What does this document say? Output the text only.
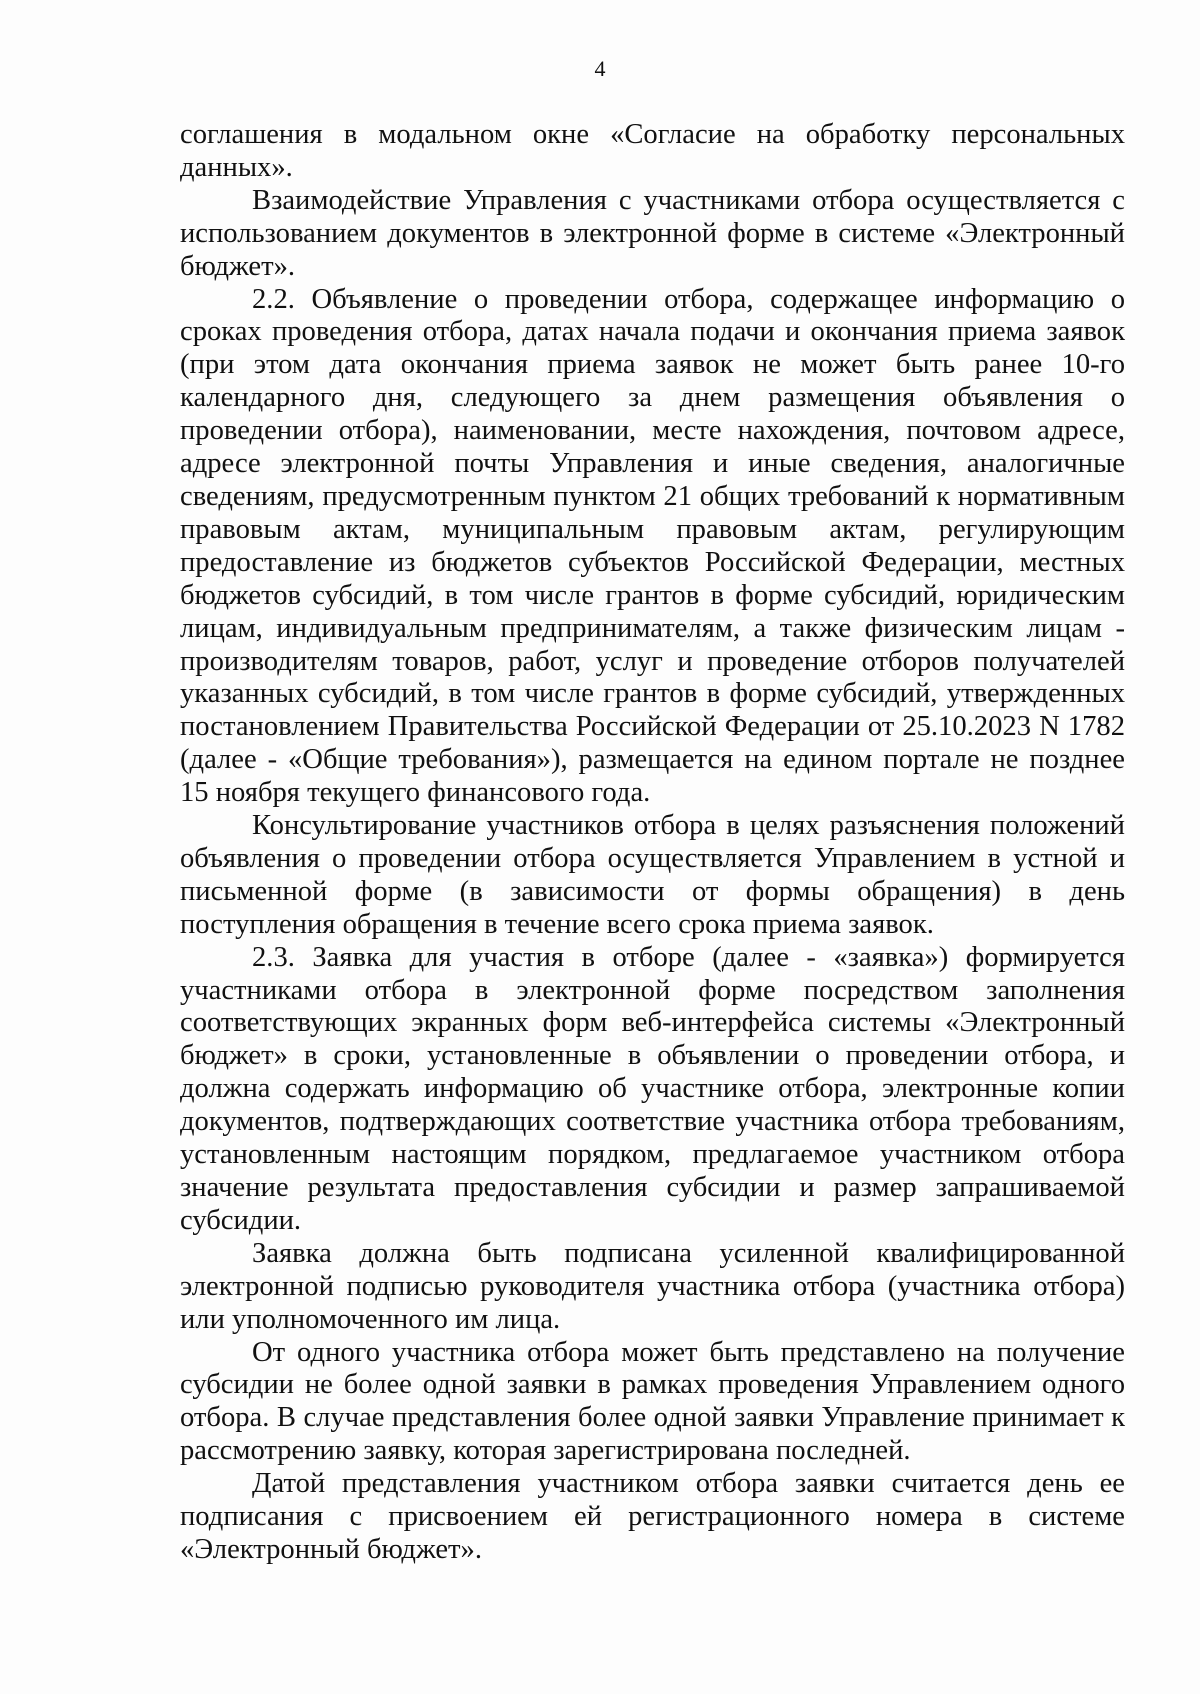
4

соглашения в модальном окне «Согласие на обработку персональных данных».

Взаимодействие Управления с участниками отбора осуществляется с использованием документов в электронной форме в системе «Электронный бюджет».

2.2. Объявление о проведении отбора, содержащее информацию о сроках проведения отбора, датах начала подачи и окончания приема заявок (при этом дата окончания приема заявок не может быть ранее 10-го календарного дня, следующего за днем размещения объявления о проведении отбора), наименовании, месте нахождения, почтовом адресе, адресе электронной почты Управления и иные сведения, аналогичные сведениям, предусмотренным пунктом 21 общих требований к нормативным правовым актам, муниципальным правовым актам, регулирующим предоставление из бюджетов субъектов Российской Федерации, местных бюджетов субсидий, в том числе грантов в форме субсидий, юридическим лицам, индивидуальным предпринимателям, а также физическим лицам - производителям товаров, работ, услуг и проведение отборов получателей указанных субсидий, в том числе грантов в форме субсидий, утвержденных постановлением Правительства Российской Федерации от 25.10.2023 N 1782 (далее - «Общие требования»), размещается на едином портале не позднее 15 ноября текущего финансового года.

Консультирование участников отбора в целях разъяснения положений объявления о проведении отбора осуществляется Управлением в устной и письменной форме (в зависимости от формы обращения) в день поступления обращения в течение всего срока приема заявок.

2.3. Заявка для участия в отборе (далее - «заявка») формируется участниками отбора в электронной форме посредством заполнения соответствующих экранных форм веб-интерфейса системы «Электронный бюджет» в сроки, установленные в объявлении о проведении отбора, и должна содержать информацию об участнике отбора, электронные копии документов, подтверждающих соответствие участника отбора требованиям, установленным настоящим порядком, предлагаемое участником отбора значение результата предоставления субсидии и размер запрашиваемой субсидии.

Заявка должна быть подписана усиленной квалифицированной электронной подписью руководителя участника отбора (участника отбора) или уполномоченного им лица.

От одного участника отбора может быть представлено на получение субсидии не более одной заявки в рамках проведения Управлением одного отбора. В случае представления более одной заявки Управление принимает к рассмотрению заявку, которая зарегистрирована последней.

Датой представления участником отбора заявки считается день ее подписания с присвоением ей регистрационного номера в системе «Электронный бюджет».
